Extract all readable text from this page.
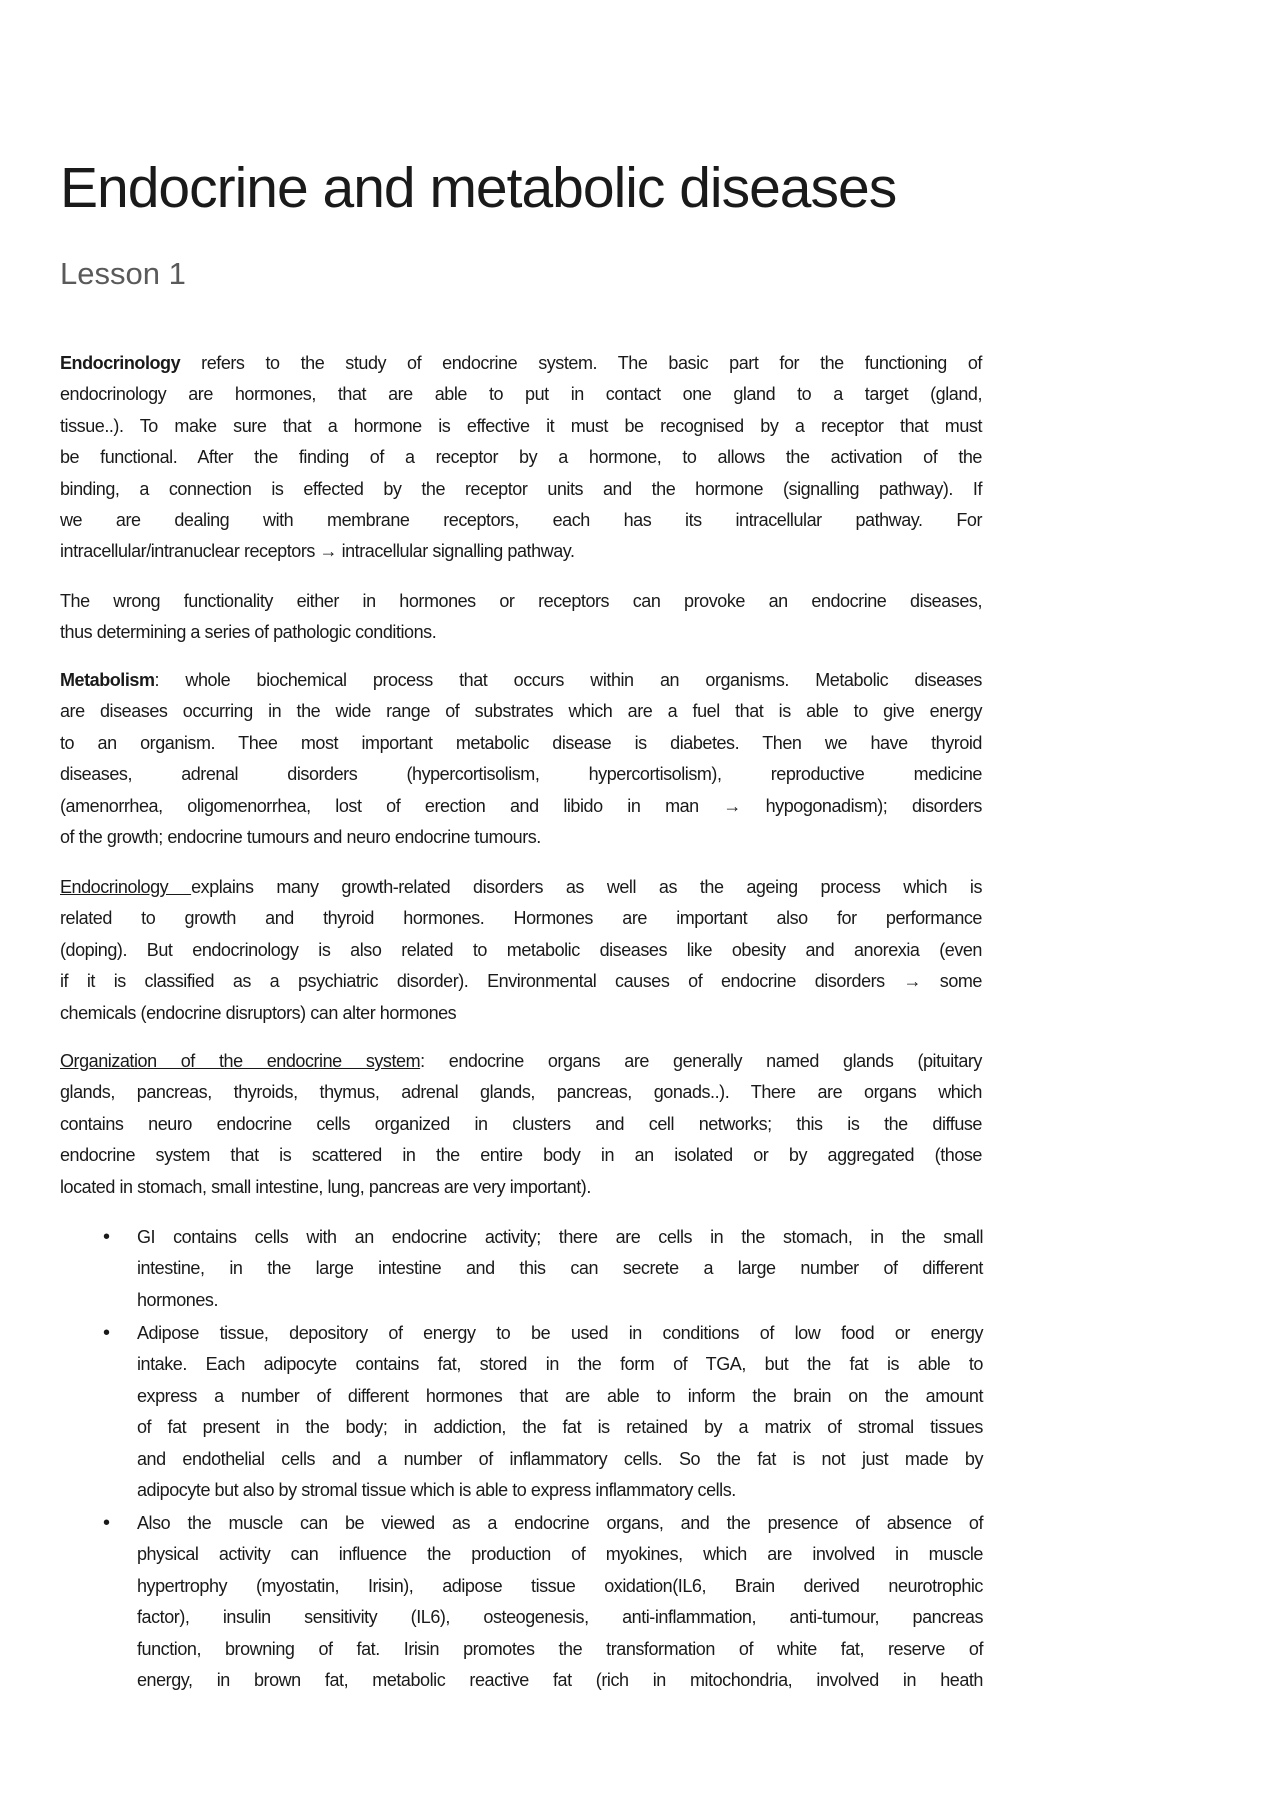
Endocrine and metabolic diseases
Lesson 1
Endocrinology refers to the study of endocrine system. The basic part for the functioning of
endocrinology are hormones, that are able to put in contact one gland to a target (gland,
tissue..). To make sure that a hormone is effective it must be recognised by a receptor that must
be functional. After the finding of a receptor by a hormone, to allows the activation of the
binding, a connection is effected by the receptor units and the hormone (signalling pathway). If
we are dealing with membrane receptors, each has its intracellular pathway. For
intracellular/intranuclear receptors → intracellular signalling pathway.
The wrong functionality either in hormones or receptors can provoke an endocrine diseases,
thus determining a series of pathologic conditions.
Metabolism: whole biochemical process that occurs within an organisms. Metabolic diseases
are diseases occurring in the wide range of substrates which are a fuel that is able to give energy
to an organism. Thee most important metabolic disease is diabetes. Then we have thyroid
diseases, adrenal disorders (hypercortisolism, hypercortisolism), reproductive medicine
(amenorrhea, oligomenorrhea, lost of erection and libido in man → hypogonadism); disorders
of the growth; endocrine tumours and neuro endocrine tumours.
Endocrinology explains many growth-related disorders as well as the ageing process which is
related to growth and thyroid hormones. Hormones are important also for performance
(doping). But endocrinology is also related to metabolic diseases like obesity and anorexia (even
if it is classified as a psychiatric disorder). Environmental causes of endocrine disorders → some
chemicals (endocrine disruptors) can alter hormones
Organization of the endocrine system: endocrine organs are generally named glands (pituitary
glands, pancreas, thyroids, thymus, adrenal glands, pancreas, gonads..). There are organs which
contains neuro endocrine cells organized in clusters and cell networks; this is the diffuse
endocrine system that is scattered in the entire body in an isolated or by aggregated (those
located in stomach, small intestine, lung, pancreas are very important).
• GI contains cells with an endocrine activity; there are cells in the stomach, in the small
intestine, in the large intestine and this can secrete a large number of different
hormones.
• Adipose tissue, depository of energy to be used in conditions of low food or energy
intake. Each adipocyte contains fat, stored in the form of TGA, but the fat is able to
express a number of different hormones that are able to inform the brain on the amount
of fat present in the body; in addiction, the fat is retained by a matrix of stromal tissues
and endothelial cells and a number of inflammatory cells. So the fat is not just made by
adipocyte but also by stromal tissue which is able to express inflammatory cells.
• Also the muscle can be viewed as a endocrine organs, and the presence of absence of
physical activity can influence the production of myokines, which are involved in muscle
hypertrophy (myostatin, Irisin), adipose tissue oxidation(IL6, Brain derived neurotrophic
factor), insulin sensitivity (IL6), osteogenesis, anti-inflammation, anti-tumour, pancreas
function, browning of fat. Irisin promotes the transformation of white fat, reserve of
energy, in brown fat, metabolic reactive fat (rich in mitochondria, involved in heath
